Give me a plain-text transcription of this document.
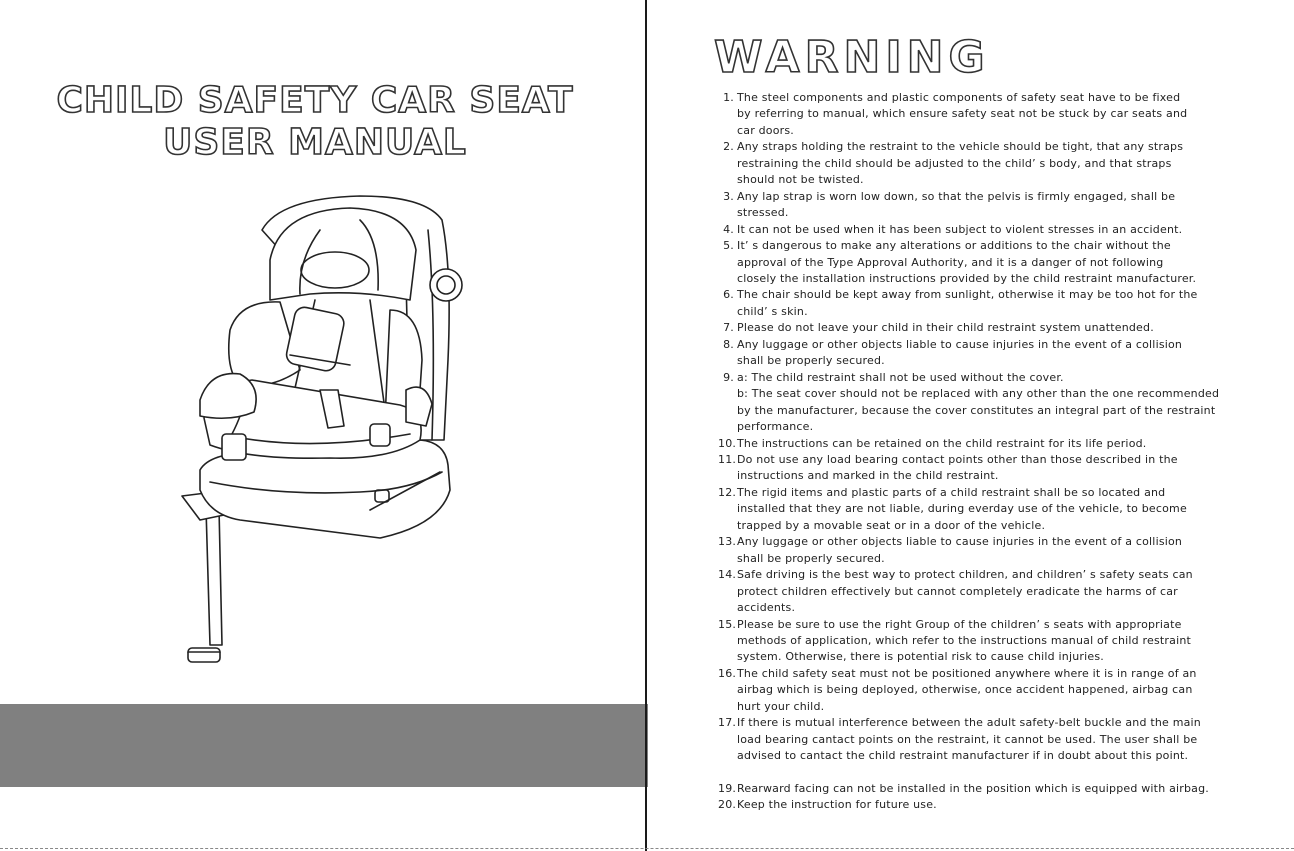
CHILD SAFETY CAR SEAT
USER MANUAL
WARNING
1. The steel components and plastic components of safety seat have to be fixed
by referring to manual, which ensure safety seat not be stuck by car seats and
car doors.
2. Any straps holding the restraint to the vehicle should be tight, that any straps
restraining the child should be adjusted to the child’ s body, and that straps
should not be twisted.
3. Any lap strap is worn low down, so that the pelvis is firmly engaged, shall be
stressed.
4. It can not be used when it has been subject to violent stresses in an accident.
5. It’ s dangerous to make any alterations or additions to the chair without the
approval of the Type Approval Authority, and it is a danger of not following
closely the installation instructions provided by the child restraint manufacturer.
6. The chair should be kept away from sunlight, otherwise it may be too hot for the
child’ s skin.
7. Please do not leave your child in their child restraint system unattended.
8. Any luggage or other objects liable to cause injuries in the event of a collision
shall be properly secured.
9. a: The child restraint shall not be used without the cover.
b: The seat cover should not be replaced with any other than the one recommended
by the manufacturer, because the cover constitutes an integral part of the restraint
performance.
10. The instructions can be retained on the child restraint for its life period.
11. Do not use any load bearing contact points other than those described in the
instructions and marked in the child restraint.
12. The rigid items and plastic parts of a child restraint shall be so located and
installed that they are not liable, during everday use of the vehicle, to become
trapped by a movable seat or in a door of the vehicle.
13. Any luggage or other objects liable to cause injuries in the event of a collision
shall be properly secured.
14. Safe driving is the best way to protect children, and children’ s safety seats can
protect children effectively but cannot completely eradicate the harms of car
accidents.
15. Please be sure to use the right Group of the children’ s seats with appropriate
methods of application, which refer to the instructions manual of child restraint
system. Otherwise, there is potential risk to cause child injuries.
16. The child safety seat must not be positioned anywhere where it is in range of an
airbag which is being deployed, otherwise, once accident happened, airbag can
hurt your child.
17. If there is mutual interference between the adult safety-belt buckle and the main
load bearing cantact points on the restraint, it cannot be used. The user shall be
advised to cantact the child restraint manufacturer if in doubt about this point.
19. Rearward facing can not be installed in the position which is equipped with airbag.
20. Keep the instruction for future use.
